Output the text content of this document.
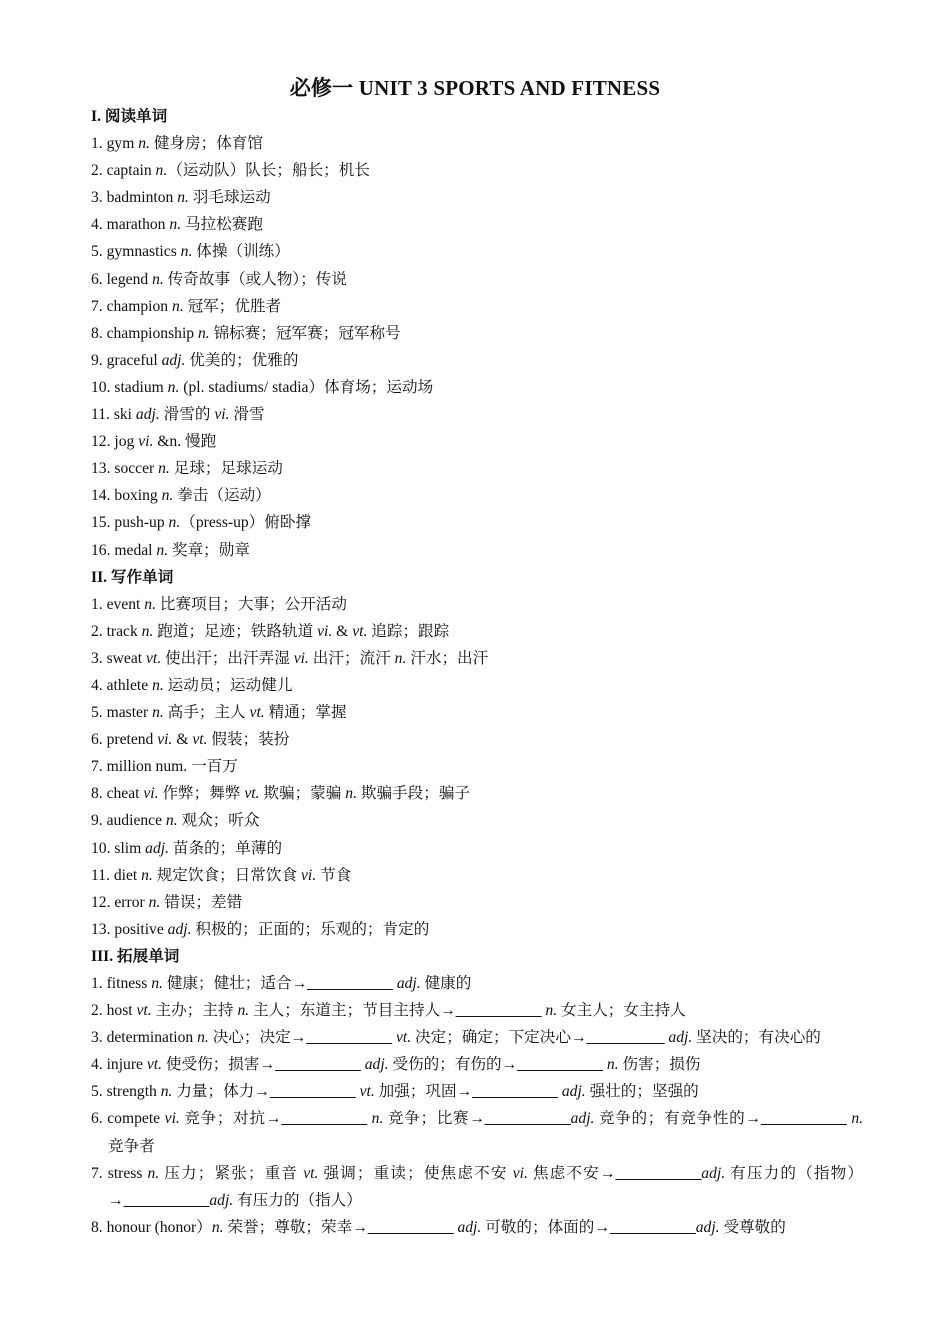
必修一 UNIT 3 SPORTS AND FITNESS
I. 阅读单词
1. gym n. 健身房；体育馆
2. captain n.（运动队）队长；船长；机长
3. badminton n. 羽毛球运动
4. marathon n. 马拉松赛跑
5. gymnastics n. 体操（训练）
6. legend n. 传奇故事（或人物）；传说
7. champion n. 冠军；优胜者
8. championship n. 锦标赛；冠军赛；冠军称号
9. graceful adj. 优美的；优雅的
10. stadium n. (pl. stadiums/ stadia）体育场；运动场
11. ski adj. 滑雪的 vi. 滑雪
12. jog vi. &n. 慢跑
13. soccer n. 足球；足球运动
14. boxing n. 拳击（运动）
15. push-up n.（press-up）俯卧撑
16. medal n. 奖章；勋章
II. 写作单词
1. event n. 比赛项目；大事；公开活动
2. track n. 跑道；足迹；铁路轨道 vi. & vt. 追踪；跟踪
3. sweat vt. 使出汗；出汗弄湿 vi. 出汗；流汗 n. 汗水；出汗
4. athlete n. 运动员；运动健儿
5. master n. 高手；主人 vt. 精通；掌握
6. pretend vi. & vt. 假装；装扮
7. million num. 一百万
8. cheat vi. 作弊；舞弊 vt. 欺骗；蒙骗 n. 欺骗手段；骗子
9. audience n. 观众；听众
10. slim adj. 苗条的；单薄的
11. diet n. 规定饮食；日常饮食 vi. 节食
12. error n. 错误；差错
13. positive adj. 积极的；正面的；乐观的；肯定的
III. 拓展单词
1. fitness n. 健康；健壮；适合→___________ adj. 健康的
2. host vt. 主办；主持 n. 主人；东道主；节目主持人→___________ n. 女主人；女主持人
3. determination n. 决心；决定→___________ vt. 决定；确定；下定决心→__________ adj. 坚决的；有决心的
4. injure vt. 使受伤；损害→___________ adj. 受伤的；有伤的→___________ n. 伤害；损伤
5. strength n. 力量；体力→___________ vt. 加强；巩固→___________ adj. 强壮的；坚强的
6. compete vi. 竞争；对抗→___________ n. 竞争；比赛→___________adj. 竞争的；有竞争性的→___________ n. 竞争者
7. stress n. 压力；紧张；重音 vt. 强调；重读；使焦虑不安 vi. 焦虑不安→___________adj. 有压力的（指物）→___________adj. 有压力的（指人）
8. honour (honor）n. 荣誉；尊敬；荣幸→___________ adj. 可敬的；体面的→___________adj. 受尊敬的
